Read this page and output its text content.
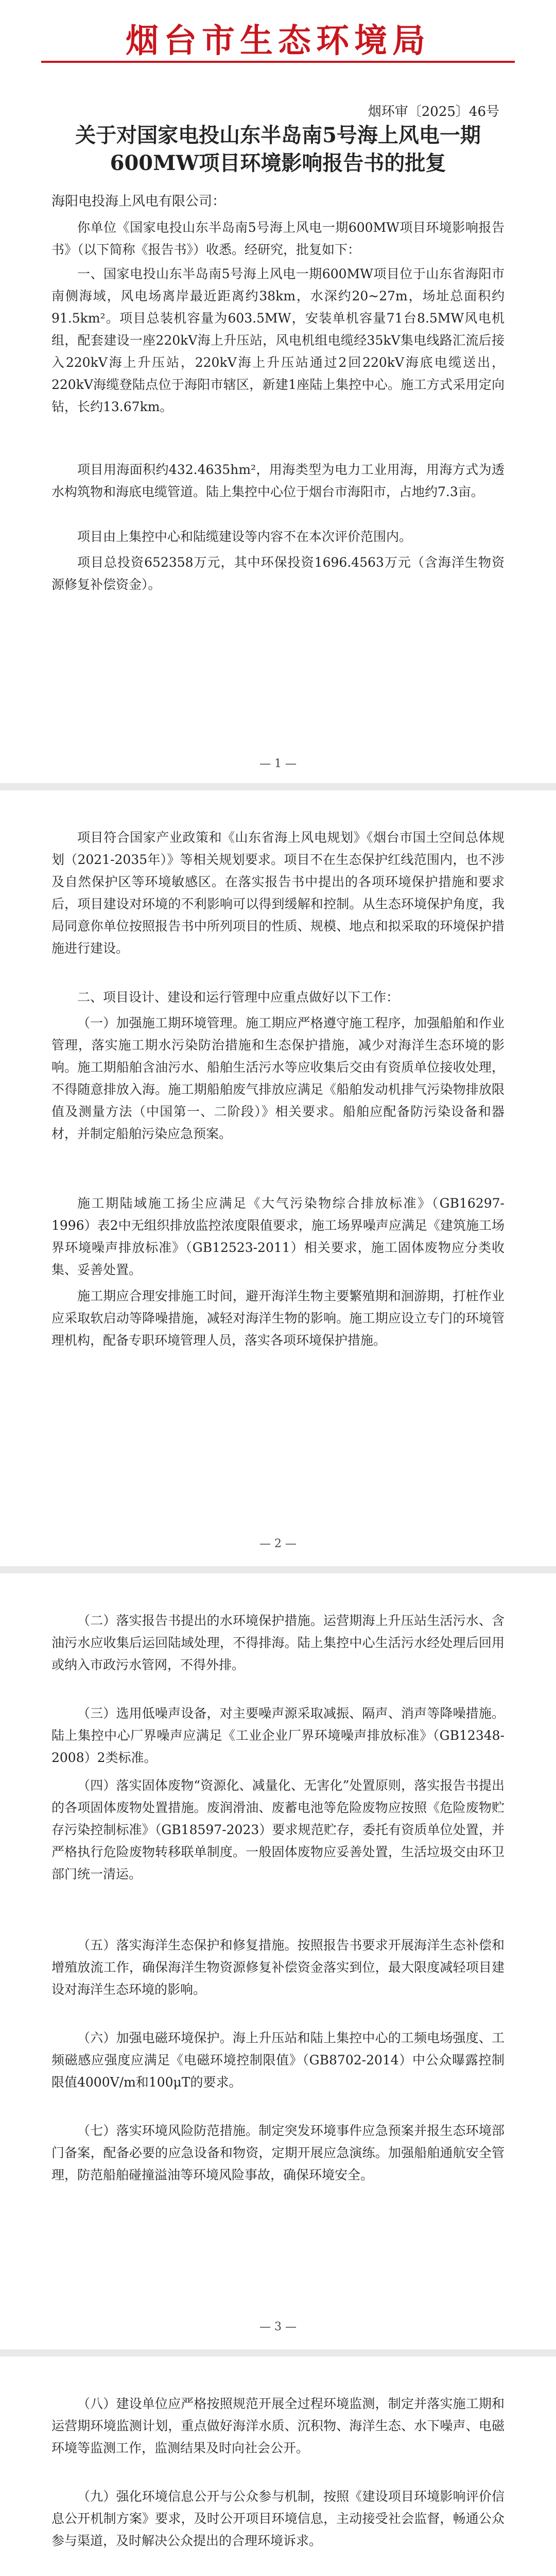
烟台市生态环境局
烟环审〔2025〕46号
关于对国家电投山东半岛南5号海上风电一期600MW项目环境影响报告书的批复
海阳电投海上风电有限公司：
你单位《国家电投山东半岛南5号海上风电一期600MW项目环境影响报告书》（以下简称《报告书》）收悉。经研究，批复如下：
一、国家电投山东半岛南5号海上风电一期600MW项目位于山东省海阳市南侧海域，风电场离岸最近距离约38km，水深约20~27m，场址总面积约91.5km²。项目总装机容量为603.5MW，安装单机容量71台8.5MW风电机组，配套建设一座220kV海上升压站，风电机组电缆经35kV集电线路汇流后接入220kV海上升压站，220kV海上升压站通过2回220kV海底电缆送出，220kV海缆登陆点位于海阳市辖区，新建1座陆上集控中心。施工方式采用定向钻，长约13.67km。
项目用海面积约432.4635hm²，用海类型为电力工业用海，用海方式为透水构筑物和海底电缆管道。陆上集控中心位于烟台市海阳市，占地约7.3亩。
项目由上集控中心和陆缆建设等内容不在本次评价范围内。
项目总投资652358万元，其中环保投资1696.4563万元（含海洋生物资源修复补偿资金）。
— 1 —
项目符合国家产业政策和《山东省海上风电规划》《烟台市国土空间总体规划（2021-2035年）》等相关规划要求。项目不在生态保护红线范围内，也不涉及自然保护区等环境敏感区。在落实报告书中提出的各项环境保护措施和要求后，项目建设对环境的不利影响可以得到缓解和控制。从生态环境保护角度，我局同意你单位按照报告书中所列项目的性质、规模、地点和拟采取的环境保护措施进行建设。
二、项目设计、建设和运行管理中应重点做好以下工作：
（一）加强施工期环境管理。施工期应严格遵守施工程序，加强船舶和作业管理，落实施工期水污染防治措施和生态保护措施，减少对海洋生态环境的影响。施工期船舶含油污水、船舶生活污水等应收集后交由有资质单位接收处理，不得随意排放入海。施工期船舶废气排放应满足《船舶发动机排气污染物排放限值及测量方法（中国第一、二阶段）》相关要求。船舶应配备防污染设备和器材，并制定船舶污染应急预案。
施工期陆域施工扬尘应满足《大气污染物综合排放标准》（GB16297-1996）表2中无组织排放监控浓度限值要求，施工场界噪声应满足《建筑施工场界环境噪声排放标准》（GB12523-2011）相关要求，施工固体废物应分类收集、妥善处置。
施工期应合理安排施工时间，避开海洋生物主要繁殖期和洄游期，打桩作业应采取软启动等降噪措施，减轻对海洋生物的影响。施工期应设立专门的环境管理机构，配备专职环境管理人员，落实各项环境保护措施。
— 2 —
（二）落实报告书提出的水环境保护措施。运营期海上升压站生活污水、含油污水应收集后运回陆域处理，不得排海。陆上集控中心生活污水经处理后回用或纳入市政污水管网，不得外排。
（三）选用低噪声设备，对主要噪声源采取减振、隔声、消声等降噪措施。陆上集控中心厂界噪声应满足《工业企业厂界环境噪声排放标准》（GB12348-2008）2类标准。
（四）落实固体废物“资源化、减量化、无害化”处置原则，落实报告书提出的各项固体废物处置措施。废润滑油、废蓄电池等危险废物应按照《危险废物贮存污染控制标准》（GB18597-2023）要求规范贮存，委托有资质单位处置，并严格执行危险废物转移联单制度。一般固体废物应妥善处置，生活垃圾交由环卫部门统一清运。
（五）落实海洋生态保护和修复措施。按照报告书要求开展海洋生态补偿和增殖放流工作，确保海洋生物资源修复补偿资金落实到位，最大限度减轻项目建设对海洋生态环境的影响。
（六）加强电磁环境保护。海上升压站和陆上集控中心的工频电场强度、工频磁感应强度应满足《电磁环境控制限值》（GB8702-2014）中公众曝露控制限值4000V/m和100μT的要求。
（七）落实环境风险防范措施。制定突发环境事件应急预案并报生态环境部门备案，配备必要的应急设备和物资，定期开展应急演练。加强船舶通航安全管理，防范船舶碰撞溢油等环境风险事故，确保环境安全。
— 3 —
（八）建设单位应严格按照规范开展全过程环境监测，制定并落实施工期和运营期环境监测计划，重点做好海洋水质、沉积物、海洋生态、水下噪声、电磁环境等监测工作，监测结果及时向社会公开。
（九）强化环境信息公开与公众参与机制，按照《建设项目环境影响评价信息公开机制方案》要求，及时公开项目环境信息，主动接受社会监督，畅通公众参与渠道，及时解决公众提出的合理环境诉求。
